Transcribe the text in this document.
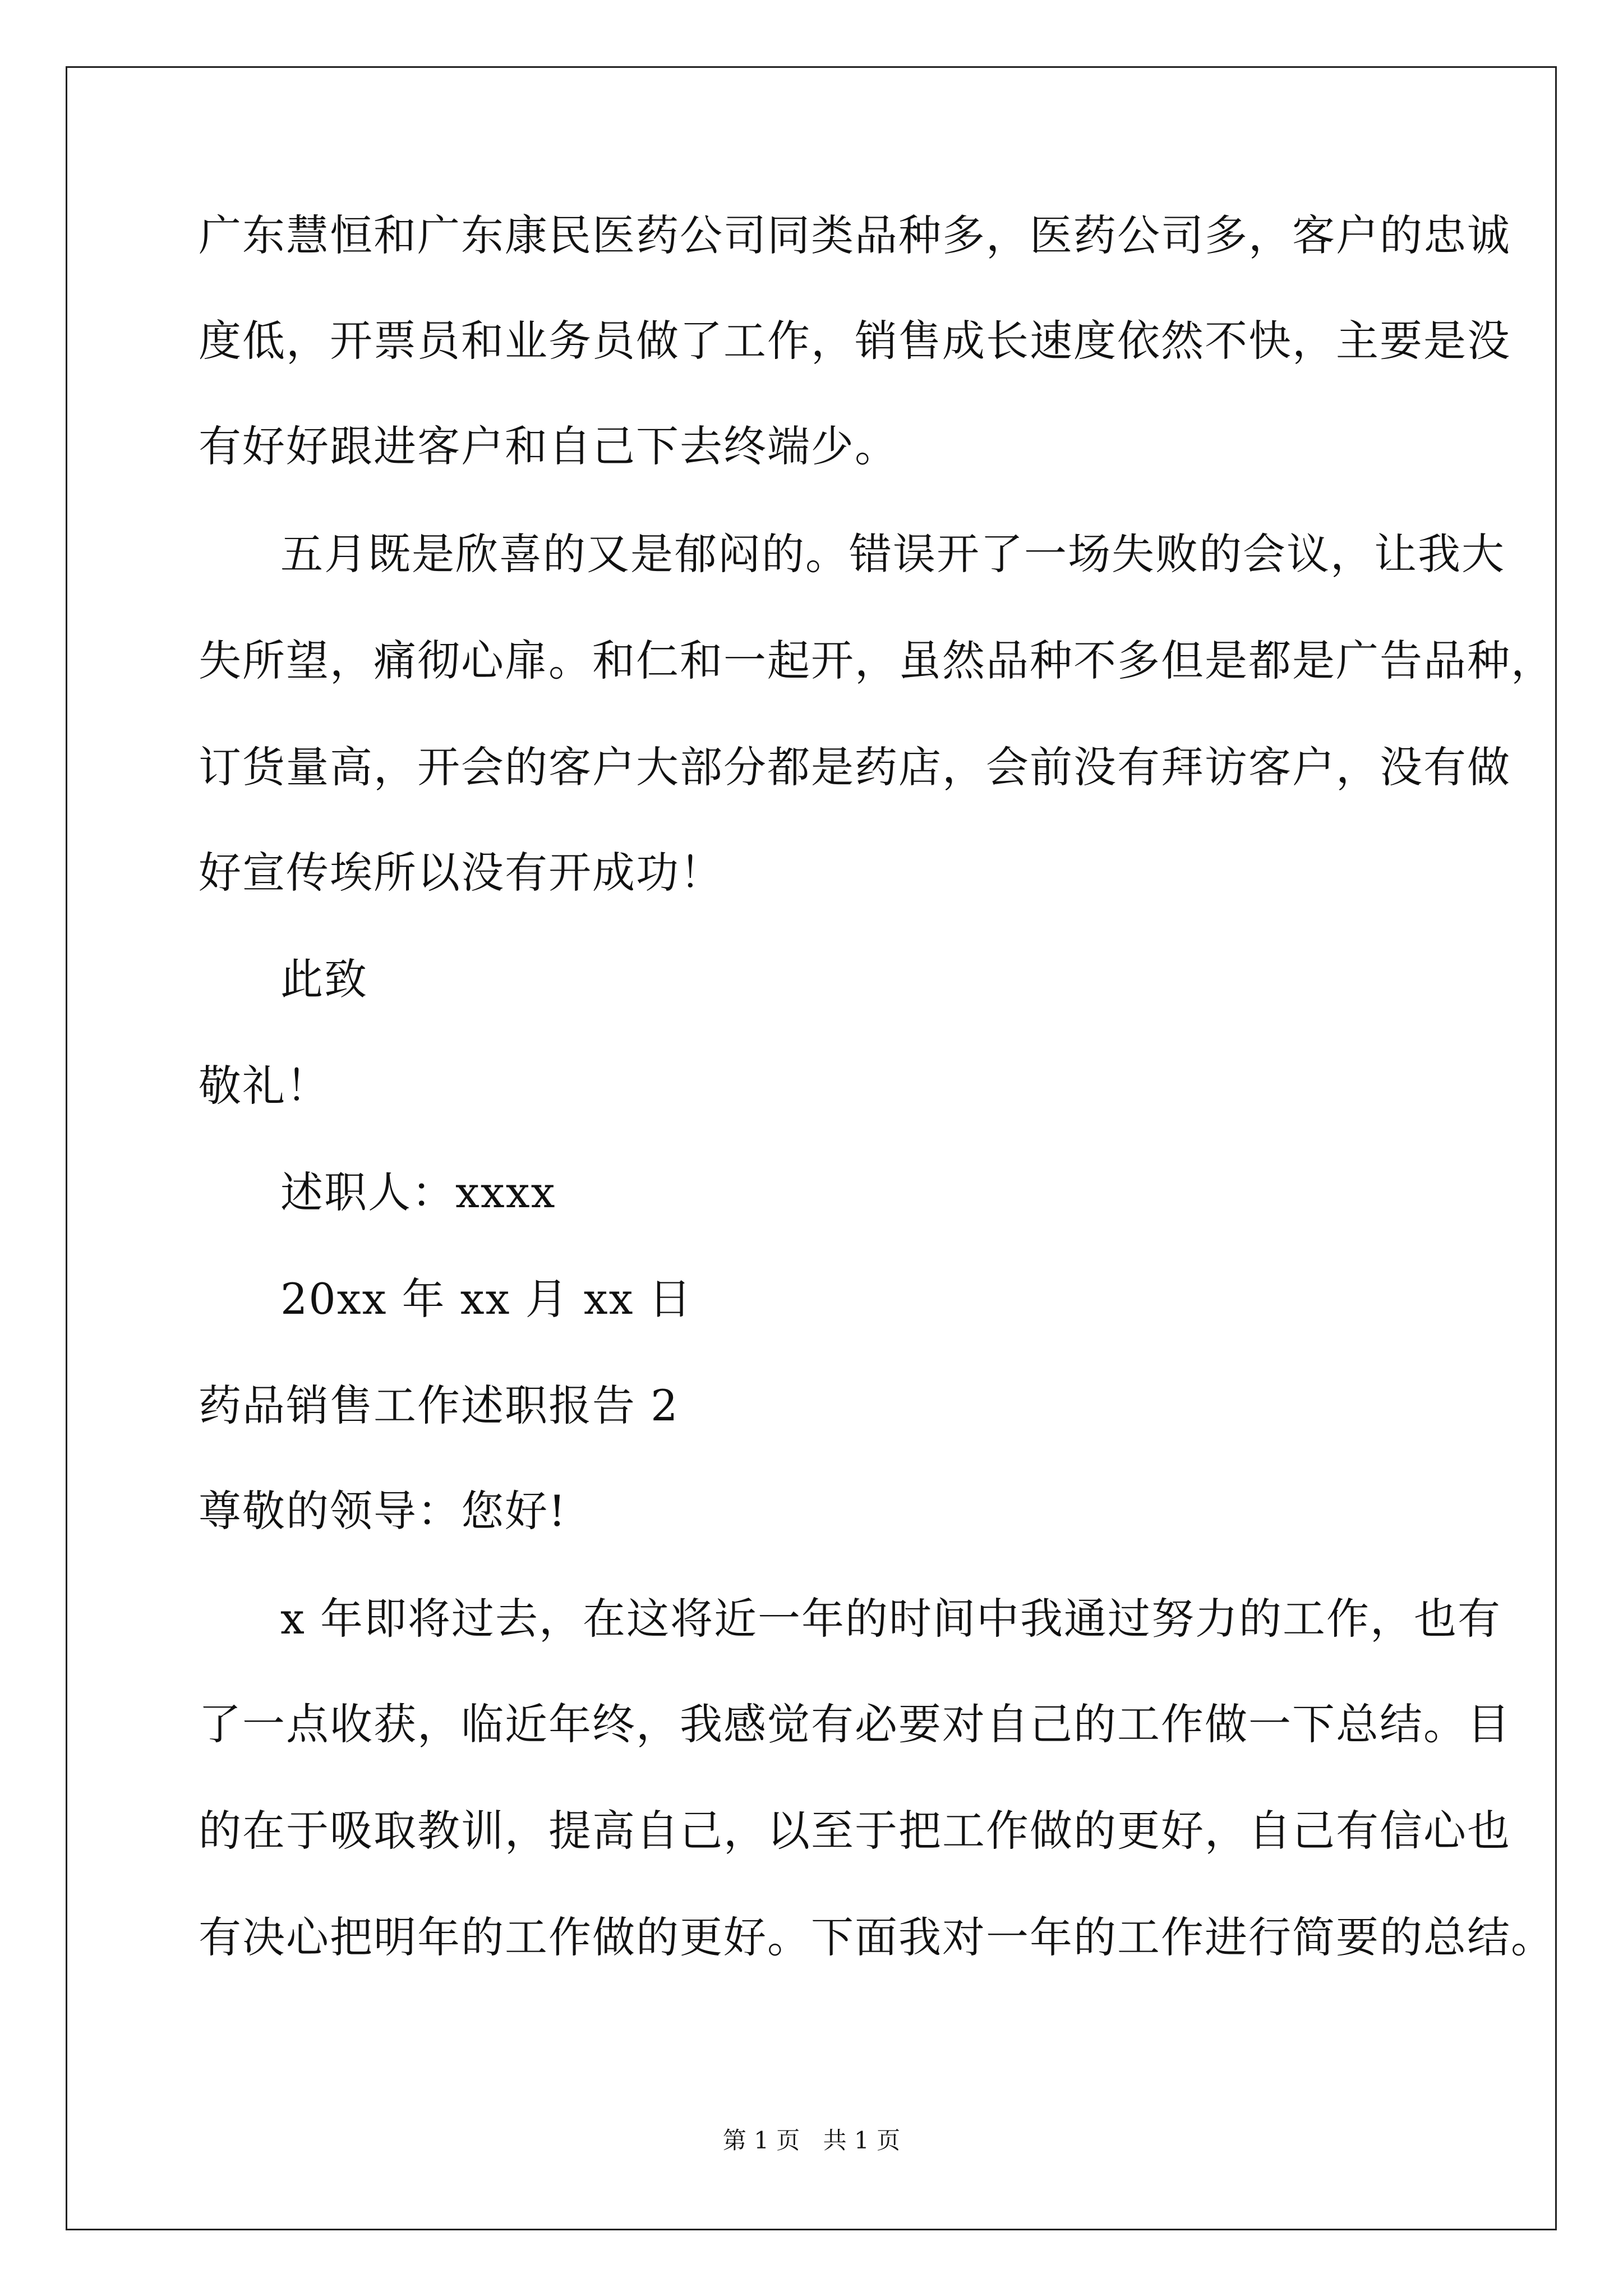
广东慧恒和广东康民医药公司同类品种多，医药公司多，客户的忠诚
度低，开票员和业务员做了工作，销售成长速度依然不快，主要是没
有好好跟进客户和自己下去终端少。
五月既是欣喜的又是郁闷的。错误开了一场失败的会议，让我大
失所望，痛彻心扉。和仁和一起开，虽然品种不多但是都是广告品种，
订货量高，开会的客户大部分都是药店，会前没有拜访客户，没有做
好宣传埃所以没有开成功！
此致
敬礼！
述职人：xxxx
20xx 年 xx 月 xx 日
药品销售工作述职报告 2
尊敬的领导：您好!
x 年即将过去，在这将近一年的时间中我通过努力的工作，也有
了一点收获，临近年终，我感觉有必要对自己的工作做一下总结。目
的在于吸取教训，提高自己，以至于把工作做的更好，自己有信心也
有决心把明年的工作做的更好。下面我对一年的工作进行简要的总结。
第 1 页 共 1 页
